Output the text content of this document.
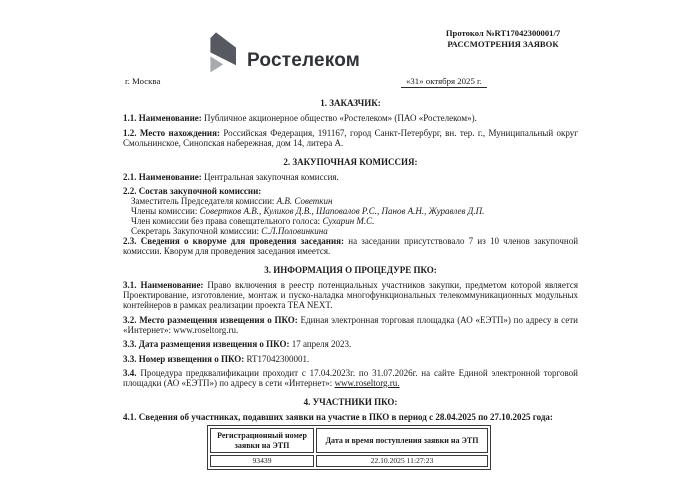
Ростелеком
Протокол №RT17042300001/7
РАССМОТРЕНИЯ ЗАЯВОК
г. Москва	«31» октября 2025 г.
1. ЗАКАЗЧИК:
1.1. Наименование: Публичное акционерное общество «Ростелеком» (ПАО «Ростелеком»).
1.2. Место нахождения: Российская Федерация, 191167, город Санкт-Петербург, вн. тер. г., Муниципальный округ Смольнинское, Синопская набережная, дом 14, литера А.
2. ЗАКУПОЧНАЯ КОМИССИЯ:
2.1. Наименование: Центральная закупочная комиссия.
2.2. Состав закупочной комиссии:
Заместитель Председателя комиссии: А.В. Советкин
Члены комиссии: Совертков А.В., Куликов Д.В., Шаповалов Р.С., Панов А.Н., Журавлев Д.П.
Член комиссии без права совещательного голоса: Сухарин М.С.
Секретарь Закупочной комиссии: С.Л.Половинкина
2.3. Сведения о кворуме для проведения заседания: на заседании присутствовало 7 из 10 членов закупочной комиссии. Кворум для проведения заседания имеется.
3. ИНФОРМАЦИЯ О ПРОЦЕДУРЕ ПКО:
3.1. Наименование: Право включения в реестр потенциальных участников закупки, предметом которой является Проектирование, изготовление, монтаж и пуско-наладка многофункциональных телекоммуникационных модульных контейнеров в рамках реализации проекта TEA NEXT.
3.2. Место размещения извещения о ПКО: Единая электронная торговая площадка (АО «ЕЭТП») по адресу в сети «Интернет»: www.roseltorg.ru.
3.3. Дата размещения извещения о ПКО: 17 апреля 2023.
3.3. Номер извещения о ПКО: RT17042300001.
3.4. Процедура предквалификации проходит с 17.04.2023г. по 31.07.2026г. на сайте Единой электронной торговой площадки (АО «ЕЭТП») по адресу в сети «Интернет»: www.roseltorg.ru.
4. УЧАСТНИКИ ПКО:
4.1. Сведения об участниках, подавших заявки на участие в ПКО в период с 28.04.2025 по 27.10.2025 года:
Регистрационный номер
заявки на ЭТП	Дата и время поступления заявки на ЭТП
93439	22.10.2025 11:27:23
